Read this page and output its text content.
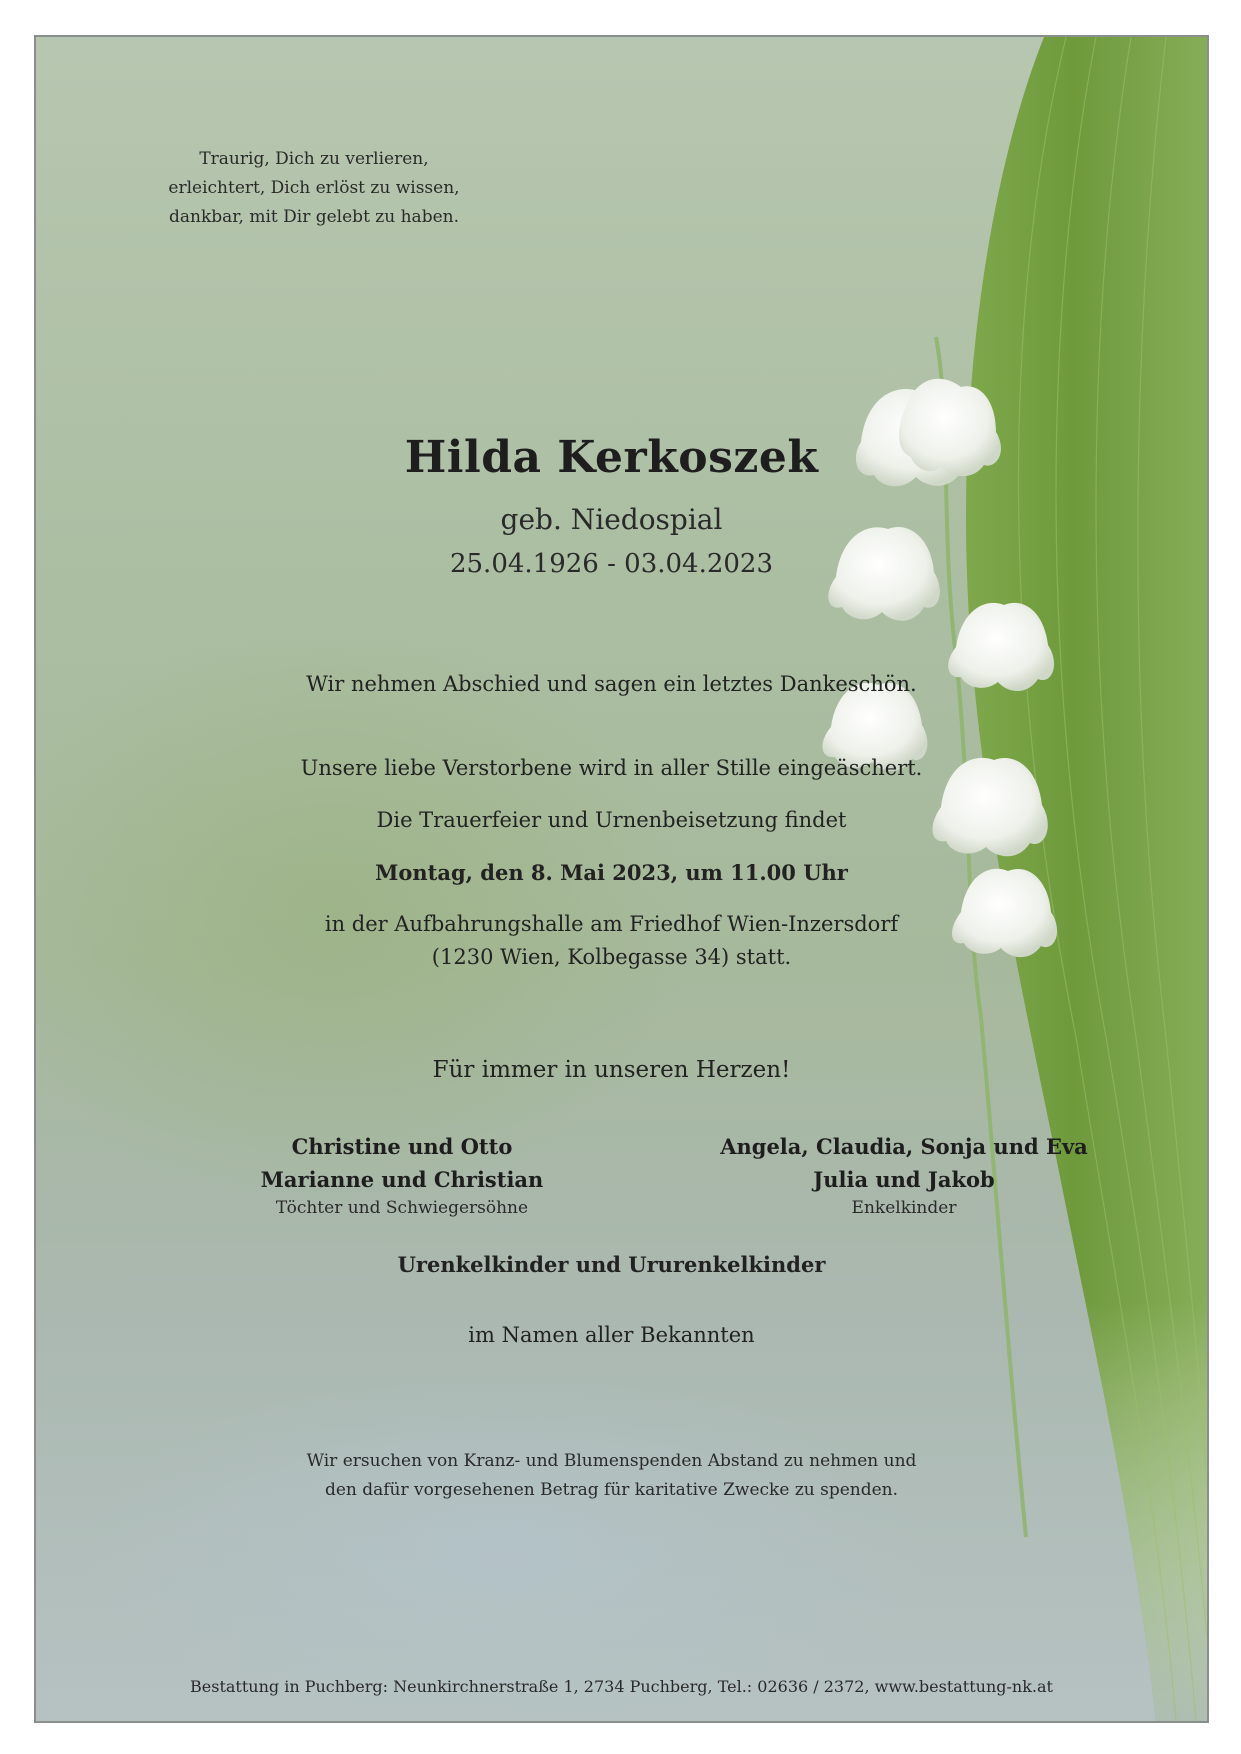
Traurig, Dich zu verlieren,
erleichtert, Dich erlöst zu wissen,
dankbar, mit Dir gelebt zu haben.
Hilda Kerkoszek
geb. Niedospial
25.04.1926 - 03.04.2023
Wir nehmen Abschied und sagen ein letztes Dankeschön.
Unsere liebe Verstorbene wird in aller Stille eingeäschert.
Die Trauerfeier und Urnenbeisetzung findet
Montag, den 8. Mai 2023, um 11.00 Uhr
in der Aufbahrungshalle am Friedhof Wien-Inzersdorf
(1230 Wien, Kolbegasse 34) statt.
Für immer in unseren Herzen!
Christine und Otto
Marianne und Christian
Töchter und Schwiegersöhne
Angela, Claudia, Sonja und Eva
Julia und Jakob
Enkelkinder
Urenkelkinder und Ururenkelkinder
im Namen aller Bekannten
Wir ersuchen von Kranz- und Blumenspenden Abstand zu nehmen und
den dafür vorgesehenen Betrag für karitative Zwecke zu spenden.
Bestattung in Puchberg: Neunkirchnerstraße 1, 2734 Puchberg, Tel.: 02636 / 2372, www.bestattung-nk.at
